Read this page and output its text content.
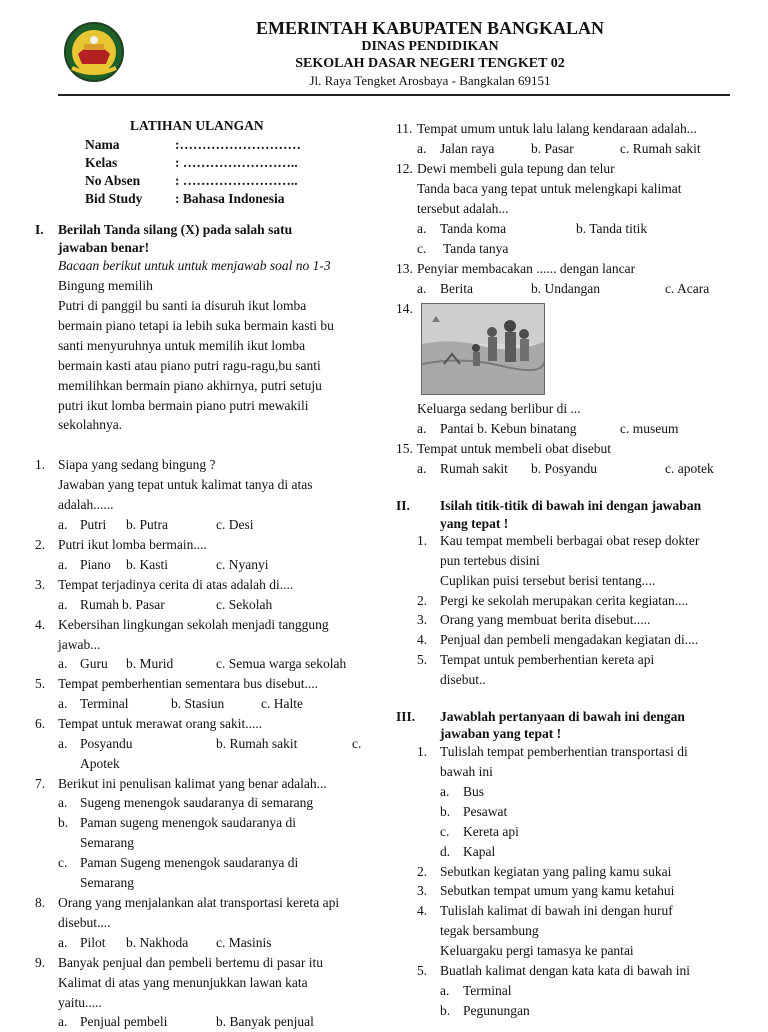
EMERINTAH KABUPATEN BANGKALAN
DINAS PENDIDIKAN
SEKOLAH DASAR NEGERI TENGKET 02
Jl. Raya Tengket Arosbaya - Bangkalan 69151
LATIHAN ULANGAN
Nama	:………………………
Kelas	: ……………………..
No Absen	: ……………………..
Bid Study : Bahasa Indonesia
I. Berilah Tanda silang (X) pada salah satu
jawaban benar!
Bacaan berikut untuk untuk menjawab soal no 1-3
Bingung memilih
Putri di panggil bu santi ia disuruh ikut lomba
bermain piano tetapi ia lebih suka bermain kasti bu
santi menyuruhnya untuk memilih ikut lomba
bermain kasti atau piano putri ragu-ragu,bu santi
memilihkan bermain piano akhirnya, putri setuju
putri ikut lomba bermain piano putri mewakili
sekolahnya.
1. Siapa yang sedang bingung ?
Jawaban yang tepat untuk kalimat tanya di atas
adalah......
a. Putri b. Putra	c. Desi
2. Putri ikut lomba bermain....
a. Piano b. Kasti	c. Nyanyi
3. Tempat terjadinya cerita di atas adalah di....
a. Rumah b. Pasar	c. Sekolah
4. Kebersihan lingkungan sekolah menjadi tanggung
jawab...
a. Guru b. Murid	c. Semua warga sekolah
5. Tempat pemberhentian sementara bus disebut....
a. Terminal	b. Stasiun	c. Halte
6. Tempat untuk merawat orang sakit.....
a. Posyandu	b. Rumah sakit	c.
Apotek
7. Berikut ini penulisan kalimat yang benar adalah...
a. Sugeng menengok saudaranya di semarang
b. Paman sugeng menengok saudaranya di
Semarang
c. Paman Sugeng menengok saudaranya di
Semarang
8. Orang yang menjalankan alat transportasi kereta api
disebut....
a. Pilot b. Nakhoda c. Masinis
9. Banyak penjual dan pembeli bertemu di pasar itu
Kalimat di atas yang menunjukkan lawan kata
yaitu.....
a. Penjual pembeli	b. Banyak penjual
11. Tempat umum untuk lalu lalang kendaraan adalah...
a. Jalan raya	b. Pasar	c. Rumah sakit
12. Dewi membeli gula tepung dan telur
Tanda baca yang tepat untuk melengkapi kalimat
tersebut adalah...
a. Tanda koma	b. Tanda titik
c. Tanda tanya
13. Penyiar membacakan ...... dengan lancar
a. Berita	b. Undangan	c. Acara
14.
Keluarga sedang berlibur di ...
a. Pantai b. Kebun binatang	c. museum
15. Tempat untuk membeli obat disebut
a. Rumah sakit b. Posyandu	c. apotek
II. Isilah titik-titik di bawah ini dengan jawaban
yang tepat !
1. Kau tempat membeli berbagai obat resep dokter
pun tertebus disini
Cuplikan puisi tersebut berisi tentang....
2. Pergi ke sekolah merupakan cerita kegiatan....
3. Orang yang membuat berita disebut.....
4. Penjual dan pembeli mengadakan kegiatan di....
5. Tempat untuk pemberhentian kereta api
disebut..
III. Jawablah pertanyaan di bawah ini dengan
jawaban yang tepat !
1. Tulislah tempat pemberhentian transportasi di
bawah ini
a. Bus
b. Pesawat
c. Kereta api
d. Kapal
2. Sebutkan kegiatan yang paling kamu sukai
3. Sebutkan tempat umum yang kamu ketahui
4. Tulislah kalimat di bawah ini dengan huruf
tegak bersambung
Keluargaku pergi tamasya ke pantai
5. Buatlah kalimat dengan kata kata di bawah ini
a. Terminal
b. Pegunungan
